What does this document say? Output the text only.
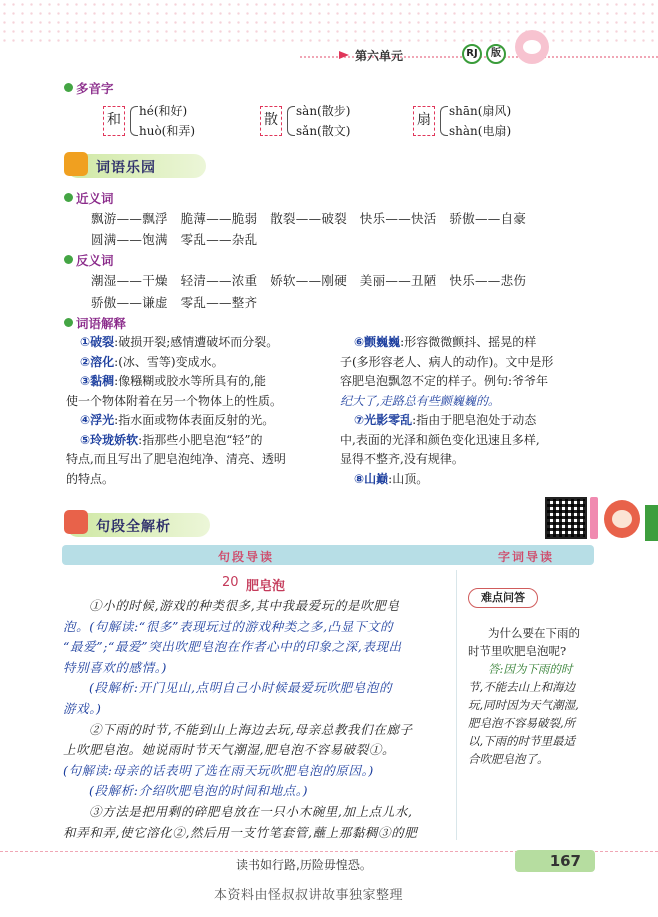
第六单元	RJ	版
多音字
和
hé(和好)
huò(和弄)
散
sàn(散步)
sǎn(散文)
扇
shān(扇风)
shàn(电扇)
词语乐园
近义词
飘游——飘浮　脆薄——脆弱　散裂——破裂　快乐——快活　骄傲——自豪
圆满——饱满　零乱——杂乱
反义词
潮湿——干燥　轻清——浓重　娇软——刚硬　美丽——丑陋　快乐——悲伤
骄傲——谦虚　零乱——整齐
词语解释

①破裂:破损开裂;感情遭破坏而分裂。

②溶化:(冰、雪等)变成水。

③黏稠:像糨糊或胶水等所具有的,能

使一个物体附着在另一个物体上的性质。

④浮光:指水面或物体表面反射的光。

⑤玲珑娇软:指那些小肥皂泡“轻”的

特点,而且写出了肥皂泡纯净、清亮、透明

的特点。

⑥颤巍巍:形容微微颤抖、摇晃的样

子(多形容老人、病人的动作)。文中是形

容肥皂泡飘忽不定的样子。例句:爷爷年

纪大了,走路总有些颤巍巍的。

⑦光影零乱:指由于肥皂泡处于动态

中,表面的光泽和颜色变化迅速且多样,

显得不整齐,没有规律。

⑧山巅:山顶。

句段全解析
句段导读	字词导读
20 肥皂泡
①小的时候,游戏的种类很多,其中我最爱玩的是吹肥皂
泡。(句解读:“很多”表现玩过的游戏种类之多,凸显下文的
“最爱”;“最爱”突出吹肥皂泡在作者心中的印象之深,表现出
特别喜欢的感情。)
(段解析:开门见山,点明自己小时候最爱玩吹肥皂泡的
游戏。)
②下雨的时节,不能到山上海边去玩,母亲总教我们在廊子
上吹肥皂泡。她说雨时节天气潮湿,肥皂泡不容易破裂①。
(句解读:母亲的话表明了选在雨天玩吹肥皂泡的原因。)
(段解析:介绍吹肥皂泡的时间和地点。)
③方法是把用剩的碎肥皂放在一只小木碗里,加上点儿水,
和弄和弄,使它溶化②,然后用一支竹笔套管,蘸上那黏稠③的肥
难点问答
为什么要在下雨的
时节里吹肥皂泡呢?
答:因为下雨的时
节,不能去山上和海边
玩,同时因为天气潮湿,
肥皂泡不容易破裂,所
以,下雨的时节里最适
合吹肥皂泡了。
读书如行路,历险毋惶恐。	167
本资料由怪叔叔讲故事独家整理
